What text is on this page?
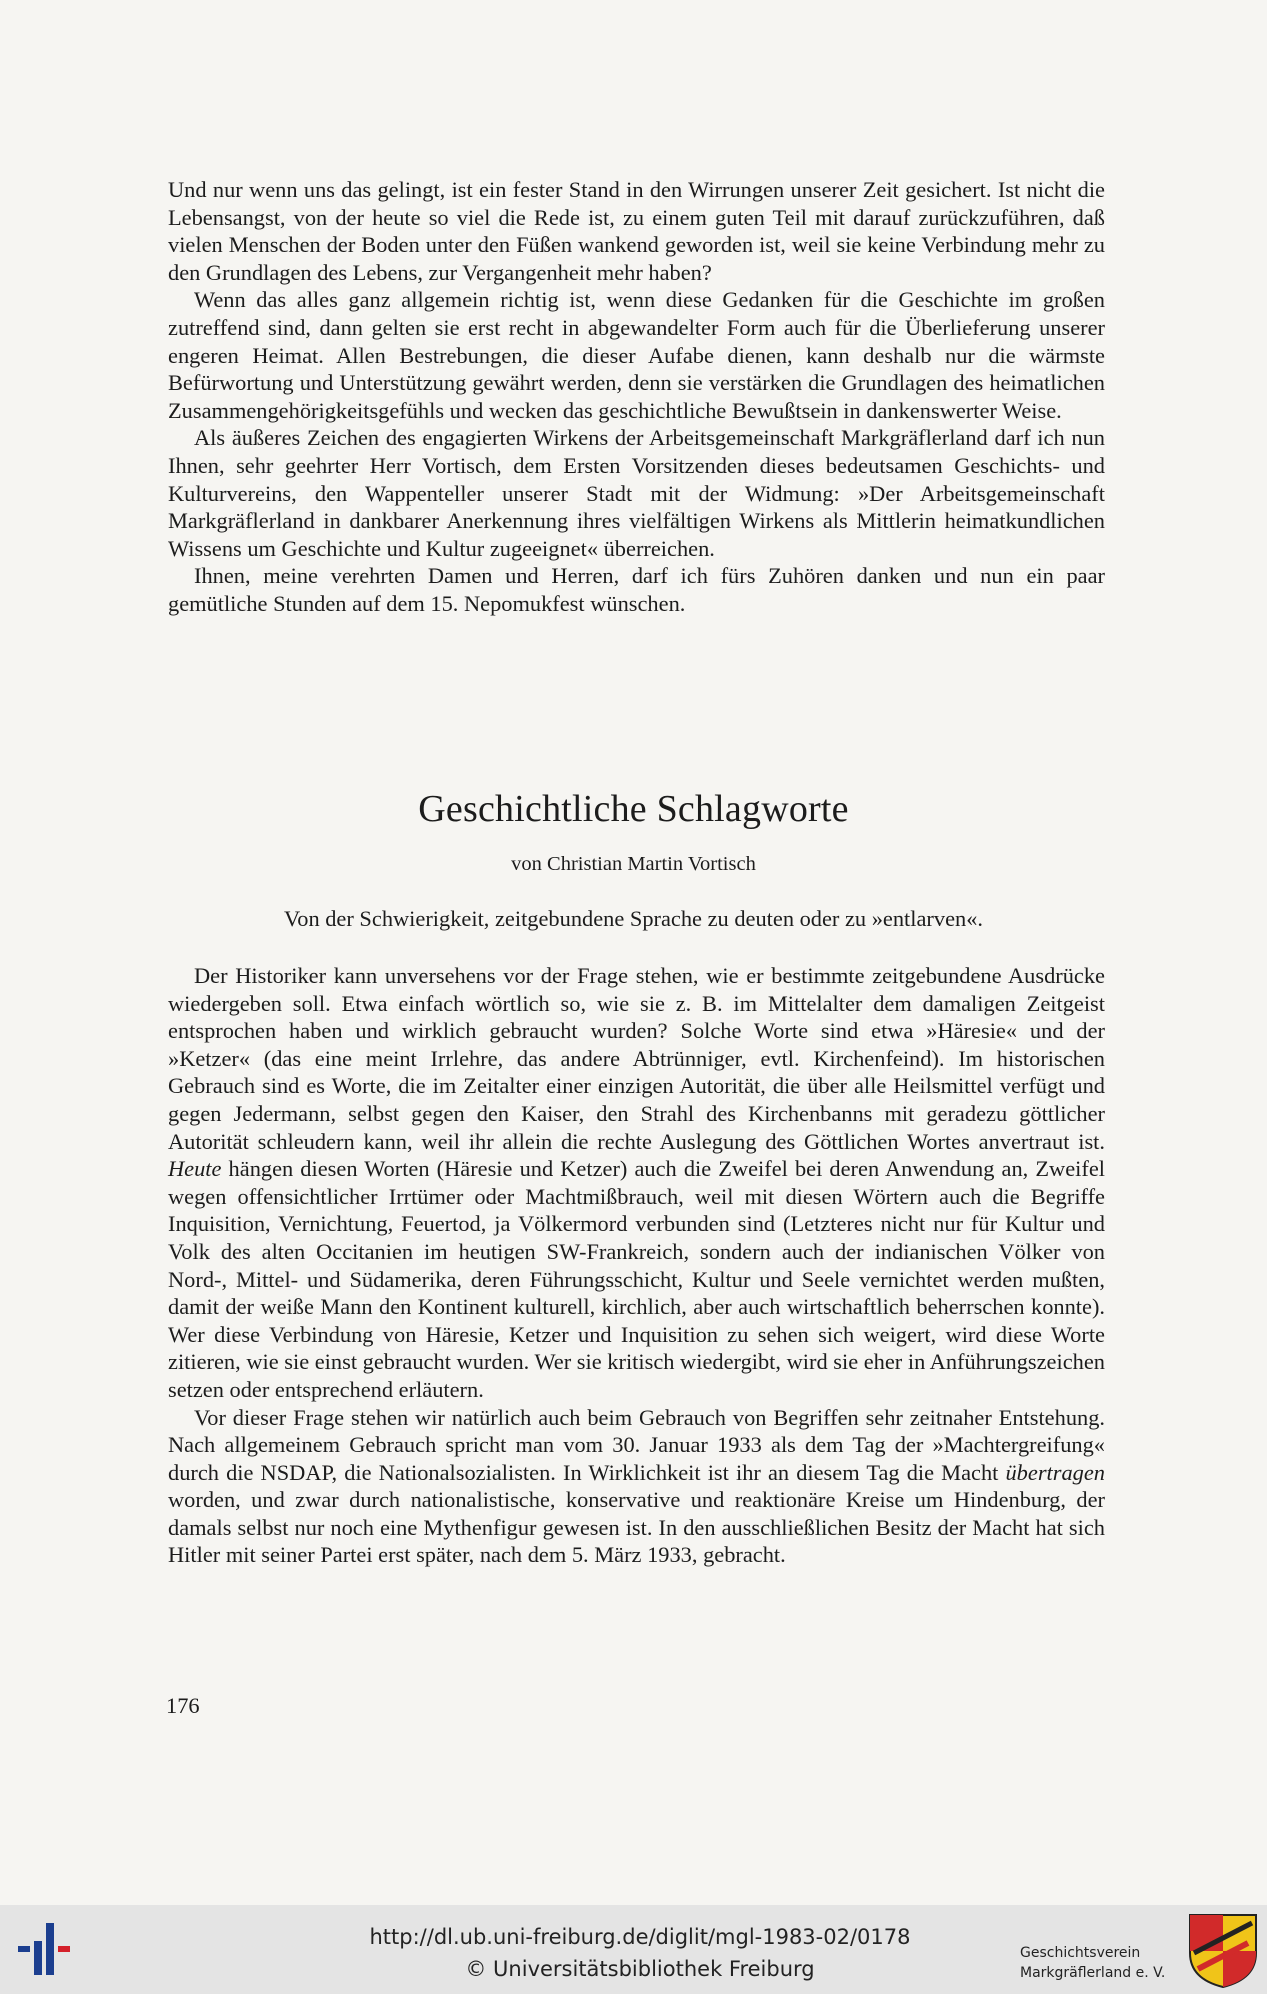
Und nur wenn uns das gelingt, ist ein fester Stand in den Wirrungen unserer Zeit gesichert. Ist nicht die Lebensangst, von der heute so viel die Rede ist, zu einem guten Teil mit darauf zurückzuführen, daß vielen Menschen der Boden unter den Füßen wankend geworden ist, weil sie keine Verbindung mehr zu den Grundlagen des Lebens, zur Vergangenheit mehr haben?

Wenn das alles ganz allgemein richtig ist, wenn diese Gedanken für die Geschichte im großen zutreffend sind, dann gelten sie erst recht in abgewandelter Form auch für die Überlieferung unserer engeren Heimat. Allen Bestrebungen, die dieser Aufabe dienen, kann deshalb nur die wärmste Befürwortung und Unterstützung gewährt werden, denn sie verstärken die Grundlagen des heimatlichen Zusammengehörigkeitsgefühls und wecken das geschichtliche Bewußtsein in dankenswerter Weise.

Als äußeres Zeichen des engagierten Wirkens der Arbeitsgemeinschaft Markgräflerland darf ich nun Ihnen, sehr geehrter Herr Vortisch, dem Ersten Vorsitzenden dieses bedeutsamen Geschichts- und Kulturvereins, den Wappenteller unserer Stadt mit der Widmung: »Der Arbeitsgemeinschaft Markgräflerland in dankbarer Anerkennung ihres vielfältigen Wirkens als Mittlerin heimatkundlichen Wissens um Geschichte und Kultur zugeeignet« überreichen.

Ihnen, meine verehrten Damen und Herren, darf ich fürs Zuhören danken und nun ein paar gemütliche Stunden auf dem 15. Nepomukfest wünschen.

Geschichtliche Schlagworte
von Christian Martin Vortisch
Von der Schwierigkeit, zeitgebundene Sprache zu deuten oder zu »entlarven«.

Der Historiker kann unversehens vor der Frage stehen, wie er bestimmte zeitgebundene Ausdrücke wiedergeben soll. Etwa einfach wörtlich so, wie sie z. B. im Mittelalter dem damaligen Zeitgeist entsprochen haben und wirklich gebraucht wurden? Solche Worte sind etwa »Häresie« und der »Ketzer« (das eine meint Irrlehre, das andere Abtrünniger, evtl. Kirchenfeind). Im historischen Gebrauch sind es Worte, die im Zeitalter einer einzigen Autorität, die über alle Heilsmittel verfügt und gegen Jedermann, selbst gegen den Kaiser, den Strahl des Kirchenbanns mit geradezu göttlicher Autorität schleudern kann, weil ihr allein die rechte Auslegung des Göttlichen Wortes anvertraut ist. Heute hängen diesen Worten (Häresie und Ketzer) auch die Zweifel bei deren Anwendung an, Zweifel wegen offensichtlicher Irrtümer oder Machtmißbrauch, weil mit diesen Wörtern auch die Begriffe Inquisition, Vernichtung, Feuertod, ja Völkermord verbunden sind (Letzteres nicht nur für Kultur und Volk des alten Occitanien im heutigen SW-Frankreich, sondern auch der indianischen Völker von Nord-, Mittel- und Südamerika, deren Führungsschicht, Kultur und Seele vernichtet werden mußten, damit der weiße Mann den Kontinent kulturell, kirchlich, aber auch wirtschaftlich beherrschen konnte). Wer diese Verbindung von Häresie, Ketzer und Inquisition zu sehen sich weigert, wird diese Worte zitieren, wie sie einst gebraucht wurden. Wer sie kritisch wiedergibt, wird sie eher in Anführungszeichen setzen oder entsprechend erläutern.

Vor dieser Frage stehen wir natürlich auch beim Gebrauch von Begriffen sehr zeitnaher Entstehung. Nach allgemeinem Gebrauch spricht man vom 30. Januar 1933 als dem Tag der »Machtergreifung« durch die NSDAP, die Nationalsozialisten. In Wirklichkeit ist ihr an diesem Tag die Macht übertragen worden, und zwar durch nationalistische, konservative und reaktionäre Kreise um Hindenburg, der damals selbst nur noch eine Mythenfigur gewesen ist. In den ausschließlichen Besitz der Macht hat sich Hitler mit seiner Partei erst später, nach dem 5. März 1933, gebracht.

176
http://dl.ub.uni-freiburg.de/diglit/mgl-1983-02/0178
© Universitätsbibliothek Freiburg
Geschichtsverein
Markgräflerland e. V.
